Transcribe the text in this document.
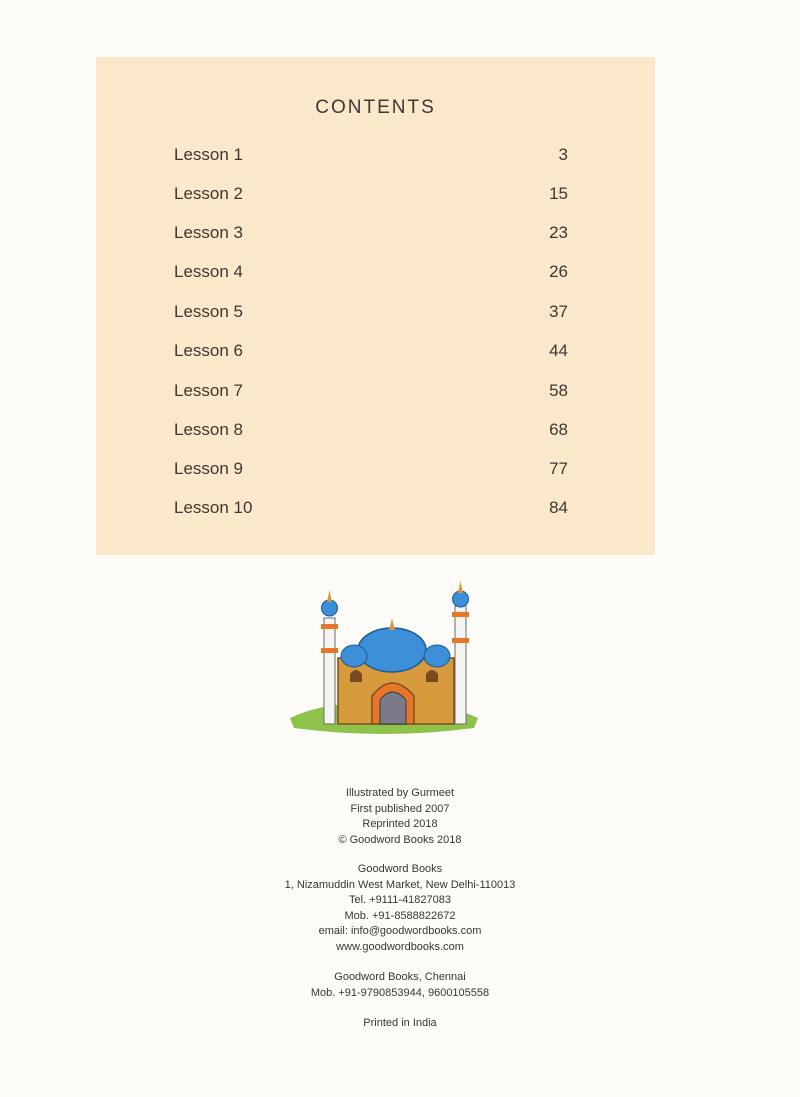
CONTENTS
Lesson 1	3
Lesson 2	15
Lesson 3	23
Lesson 4	26
Lesson 5	37
Lesson 6	44
Lesson 7	58
Lesson 8	68
Lesson 9	77
Lesson 10	84
Illustrated by Gurmeet
First published 2007
Reprinted 2018
© Goodword Books 2018
Goodword Books
1, Nizamuddin West Market, New Delhi-110013
Tel. +9111-41827083
Mob. +91-8588822672
email: info@goodwordbooks.com
www.goodwordbooks.com
Goodword Books, Chennai
Mob. +91-9790853944, 9600105558
Printed in India
